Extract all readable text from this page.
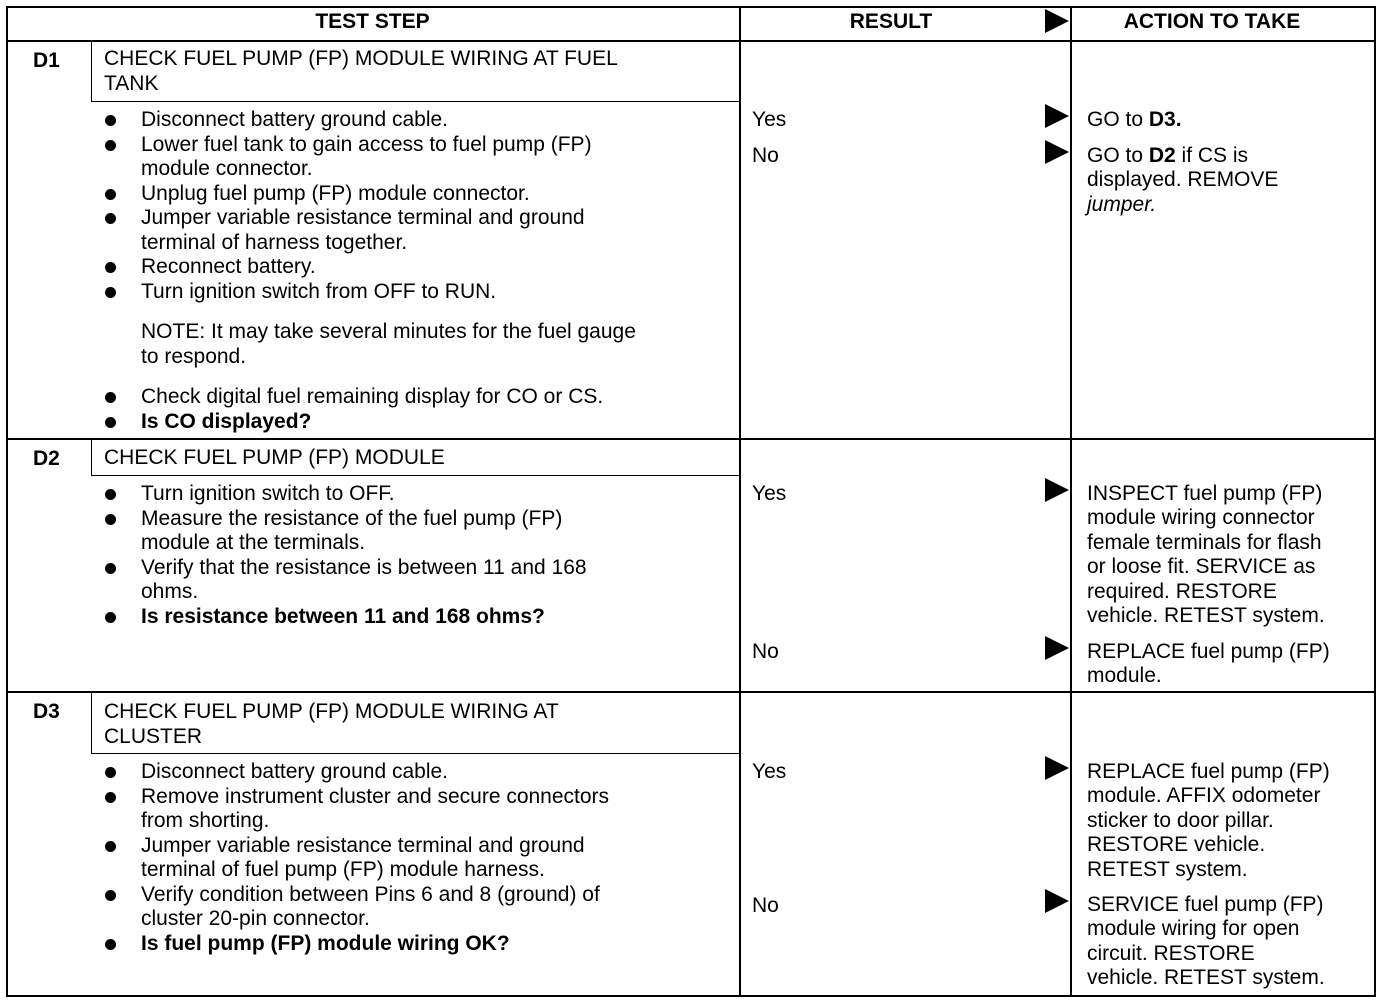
TEST STEP	RESULT	ACTION TO TAKE
D1 CHECK FUEL PUMP (FP) MODULE WIRING AT FUEL
TANK
Disconnect battery ground cable.
Lower fuel tank to gain access to fuel pump (FP)
module connector.
Unplug fuel pump (FP) module connector.
Jumper variable resistance terminal and ground
terminal of harness together.
Reconnect battery.
Turn ignition switch from OFF to RUN.
NOTE: It may take several minutes for the fuel gauge
to respond.
Check digital fuel remaining display for CO or CS.
Is CO displayed?
Yes	GO to D3.
No	GO to D2 if CS is
displayed. REMOVE
jumper.
D2 CHECK FUEL PUMP (FP) MODULE
Turn ignition switch to OFF.
Measure the resistance of the fuel pump (FP)
module at the terminals.
Verify that the resistance is between 11 and 168
ohms.
Is resistance between 11 and 168 ohms?
Yes	INSPECT fuel pump (FP)
module wiring connector
female terminals for flash
or loose fit. SERVICE as
required. RESTORE
vehicle. RETEST system.
No	REPLACE fuel pump (FP)
module.
D3 CHECK FUEL PUMP (FP) MODULE WIRING AT
CLUSTER
Disconnect battery ground cable.
Remove instrument cluster and secure connectors
from shorting.
Jumper variable resistance terminal and ground
terminal of fuel pump (FP) module harness.
Verify condition between Pins 6 and 8 (ground) of
cluster 20-pin connector.
Is fuel pump (FP) module wiring OK?
Yes	REPLACE fuel pump (FP)
module. AFFIX odometer
sticker to door pillar.
RESTORE vehicle.
RETEST system.
No	SERVICE fuel pump (FP)
module wiring for open
circuit. RESTORE
vehicle. RETEST system.
